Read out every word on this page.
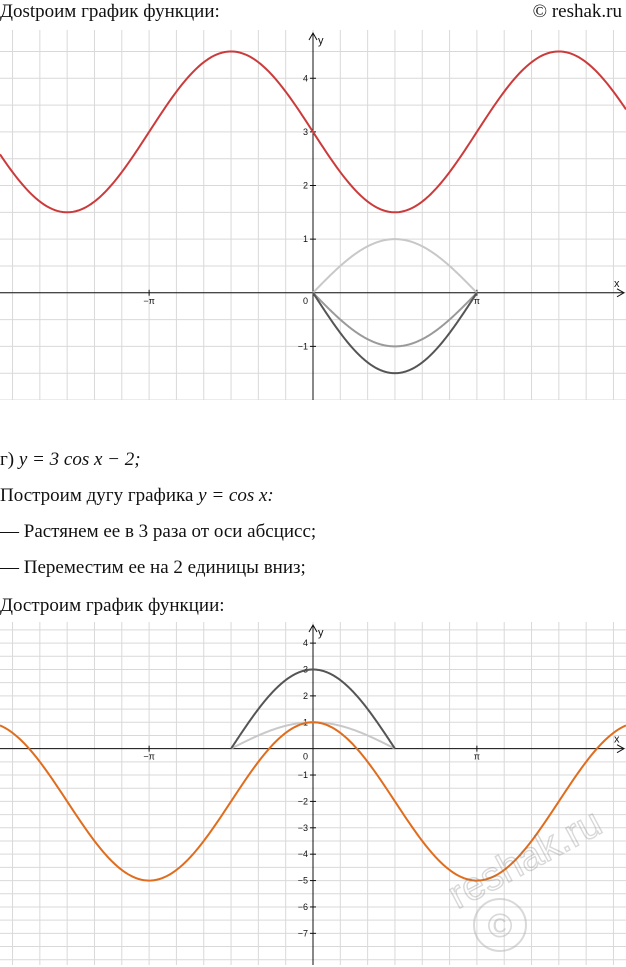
Дostроим график функции:	© reshak.ru
x
y
0
−π	π
−1
1
2
3
4
г) y = 3 cos x − 2;
Построим дугу графика y = cos x:
— Растянем ее в 3 раза от оси абсцисс;
— Переместим ее на 2 единицы вниз;
Достроим график функции:
x
y
0
−π	π
−7
−6
−5
−4
−3
−2
−1
1
2
3
4
reshak.ru
©
